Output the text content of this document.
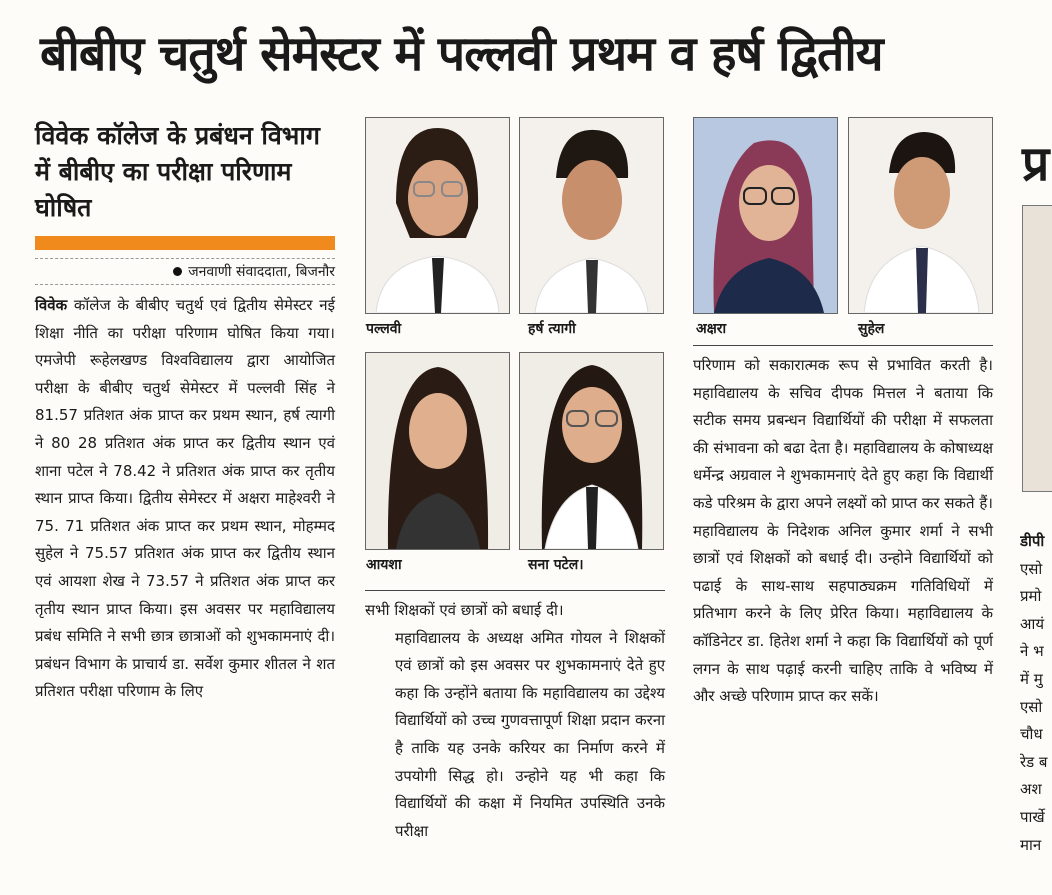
बीबीए चतुर्थ सेमेस्टर में पल्लवी प्रथम व हर्ष द्वितीय
विवेक कॉलेज के प्रबंधन विभाग में बीबीए का परीक्षा परिणाम घोषित
जनवाणी संवाददाता, बिजनौर

विवेक कॉलेज के बीबीए चतुर्थ एवं द्वितीय सेमेस्टर नई शिक्षा नीति का परीक्षा परिणाम घोषित किया गया। एमजेपी रूहेलखण्ड विश्वविद्यालय द्वारा आयोजित परीक्षा के बीबीए चतुर्थ सेमेस्टर में पल्लवी सिंह ने 81.57 प्रतिशत अंक प्राप्त कर प्रथम स्थान, हर्ष त्यागी ने 80 28 प्रतिशत अंक प्राप्त कर द्वितीय स्थान एवं शाना पटेल ने 78.42 ने प्रतिशत अंक प्राप्त कर तृतीय स्थान प्राप्त किया। द्वितीय सेमेस्टर में अक्षरा माहेश्वरी ने 75. 71 प्रतिशत अंक प्राप्त कर प्रथम स्थान, मोहम्मद सुहेल ने 75.57 प्रतिशत अंक प्राप्त कर द्वितीय स्थान एवं आयशा शेख ने 73.57 ने प्रतिशत अंक प्राप्त कर तृतीय स्थान प्राप्त किया। इस अवसर पर महाविद्यालय प्रबंध समिति ने सभी छात्र छात्राओं को शुभकामनाएं दी। प्रबंधन विभाग के प्राचार्य डा. सर्वेश कुमार शीतल ने शत प्रतिशत परीक्षा परिणाम के लिए

पल्लवी	हर्ष त्यागी	अक्षरा	सुहेल
आयशा	सना पटेल।

सभी शिक्षकों एवं छात्रों को बधाई दी।

महाविद्यालय के अध्यक्ष अमित गोयल ने शिक्षकों एवं छात्रों को इस अवसर पर शुभकामनाएं देते हुए कहा कि उन्होंने बताया कि महाविद्यालय का उद्देश्य विद्यार्थियों को उच्च गुणवत्तापूर्ण शिक्षा प्रदान करना है ताकि यह उनके करियर का निर्माण करने में उपयोगी सिद्ध हो। उन्होने यह भी कहा कि विद्यार्थियों की कक्षा में नियमित उपस्थिति उनके परीक्षा

परिणाम को सकारात्मक रूप से प्रभावित करती है। महाविद्यालय के सचिव दीपक मित्तल ने बताया कि सटीक समय प्रबन्धन विद्यार्थियों की परीक्षा में सफलता की संभावना को बढा देता है। महाविद्यालय के कोषाध्यक्ष धर्मेन्द्र अग्रवाल ने शुभकामनाएं देते हुए कहा कि विद्यार्थी कडे परिश्रम के द्वारा अपने लक्ष्यों को प्राप्त कर सकते हैं। महाविद्यालय के निदेशक अनिल कुमार शर्मा ने सभी छात्रों एवं शिक्षकों को बधाई दी। उन्होने विद्यार्थियों को पढाई के साथ-साथ सहपाठ्यक्रम गतिविधियों में प्रतिभाग करने के लिए प्रेरित किया। महाविद्यालय के कॉडिनेटर डा. हितेश शर्मा ने कहा कि विद्यार्थियों को पूर्ण लगन के साथ पढ़ाई करनी चाहिए ताकि वे भविष्य में और अच्छे परिणाम प्राप्त कर सकें।

प्र
डीपी
एसो
प्रमो
आयं
ने भ
में मु
एसो
चौध
रेड ब
अश
पार्खे
मान
